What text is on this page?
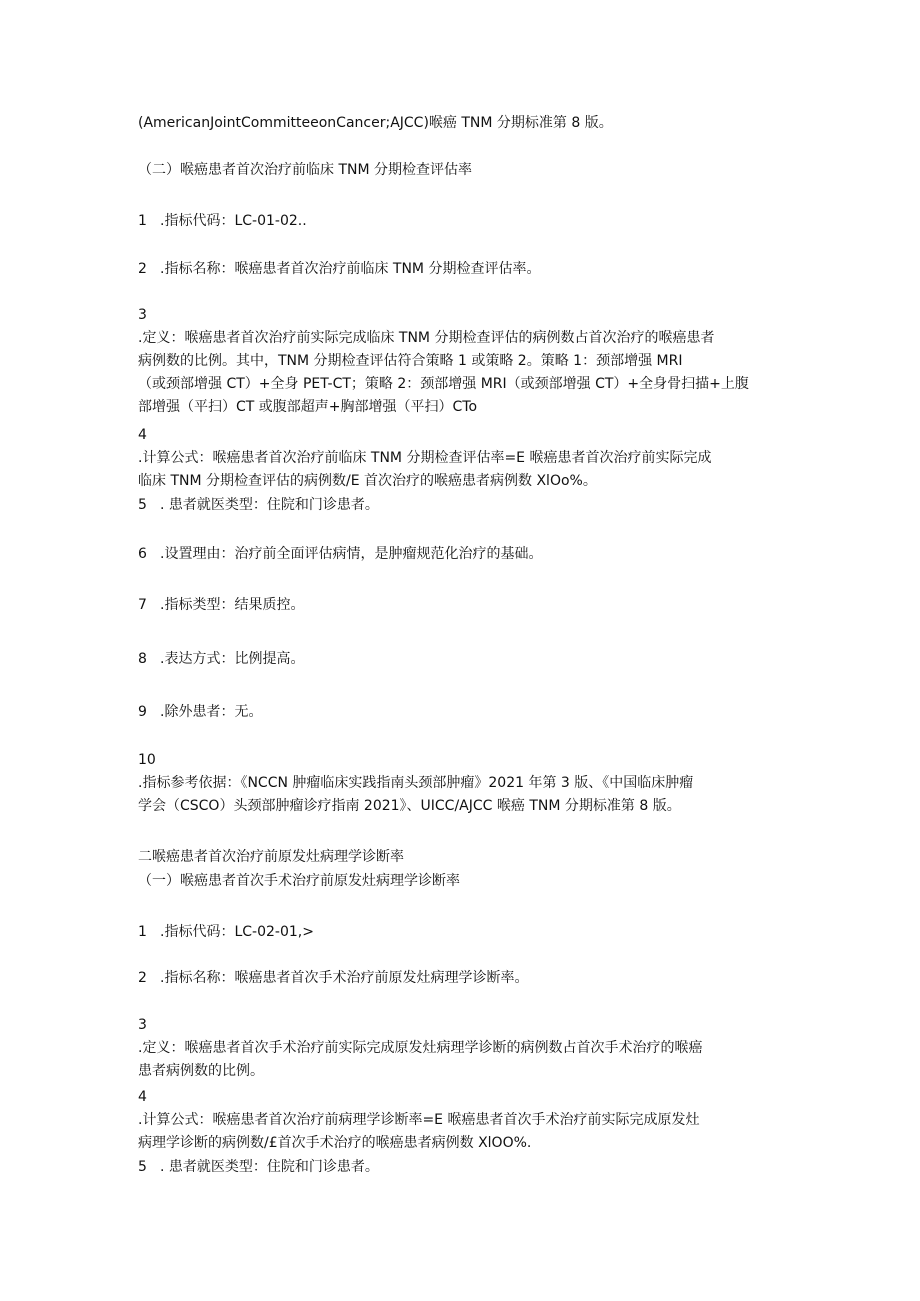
(AmericanJointCommitteeonCancer;AJCC)喉癌 TNM 分期标准第 8 版。
（二）喉癌患者首次治疗前临床 TNM 分期检查评估率
1 .指标代码：LC-01-02..
2 .指标名称：喉癌患者首次治疗前临床 TNM 分期检查评估率。
3
.定义：喉癌患者首次治疗前实际完成临床 TNM 分期检查评估的病例数占首次治疗的喉癌患者
病例数的比例。其中，TNM 分期检查评估符合策略 1 或策略 2。策略 1：颈部增强 MRI
（或颈部增强 CT）+全身 PET-CT；策略 2：颈部增强 MRI（或颈部增强 CT）+全身骨扫描+上腹
部增强（平扫）CT 或腹部超声+胸部增强（平扫）CTo
4
.计算公式：喉癌患者首次治疗前临床 TNM 分期检查评估率=E 喉癌患者首次治疗前实际完成
临床 TNM 分期检查评估的病例数/E 首次治疗的喉癌患者病例数 XlOo%。
5 . 患者就医类型：住院和门诊患者。
6 .设置理由：治疗前全面评估病情，是肿瘤规范化治疗的基础。
7 .指标类型：结果质控。
8 .表达方式：比例提高。
9 .除外患者：无。
10
.指标参考依据：《NCCN 肿瘤临床实践指南头颈部肿瘤》2021 年第 3 版、《中国临床肿瘤
学会（CSCO）头颈部肿瘤诊疗指南 2021》、UICC/AJCC 喉癌 TNM 分期标准第 8 版。
二喉癌患者首次治疗前原发灶病理学诊断率
（一）喉癌患者首次手术治疗前原发灶病理学诊断率
1 .指标代码：LC-02-01,>
2 .指标名称：喉癌患者首次手术治疗前原发灶病理学诊断率。
3
.定义：喉癌患者首次手术治疗前实际完成原发灶病理学诊断的病例数占首次手术治疗的喉癌
患者病例数的比例。
4
.计算公式：喉癌患者首次治疗前病理学诊断率=E 喉癌患者首次手术治疗前实际完成原发灶
病理学诊断的病例数/£首次手术治疗的喉癌患者病例数 XlOO%.
5 . 患者就医类型：住院和门诊患者。
